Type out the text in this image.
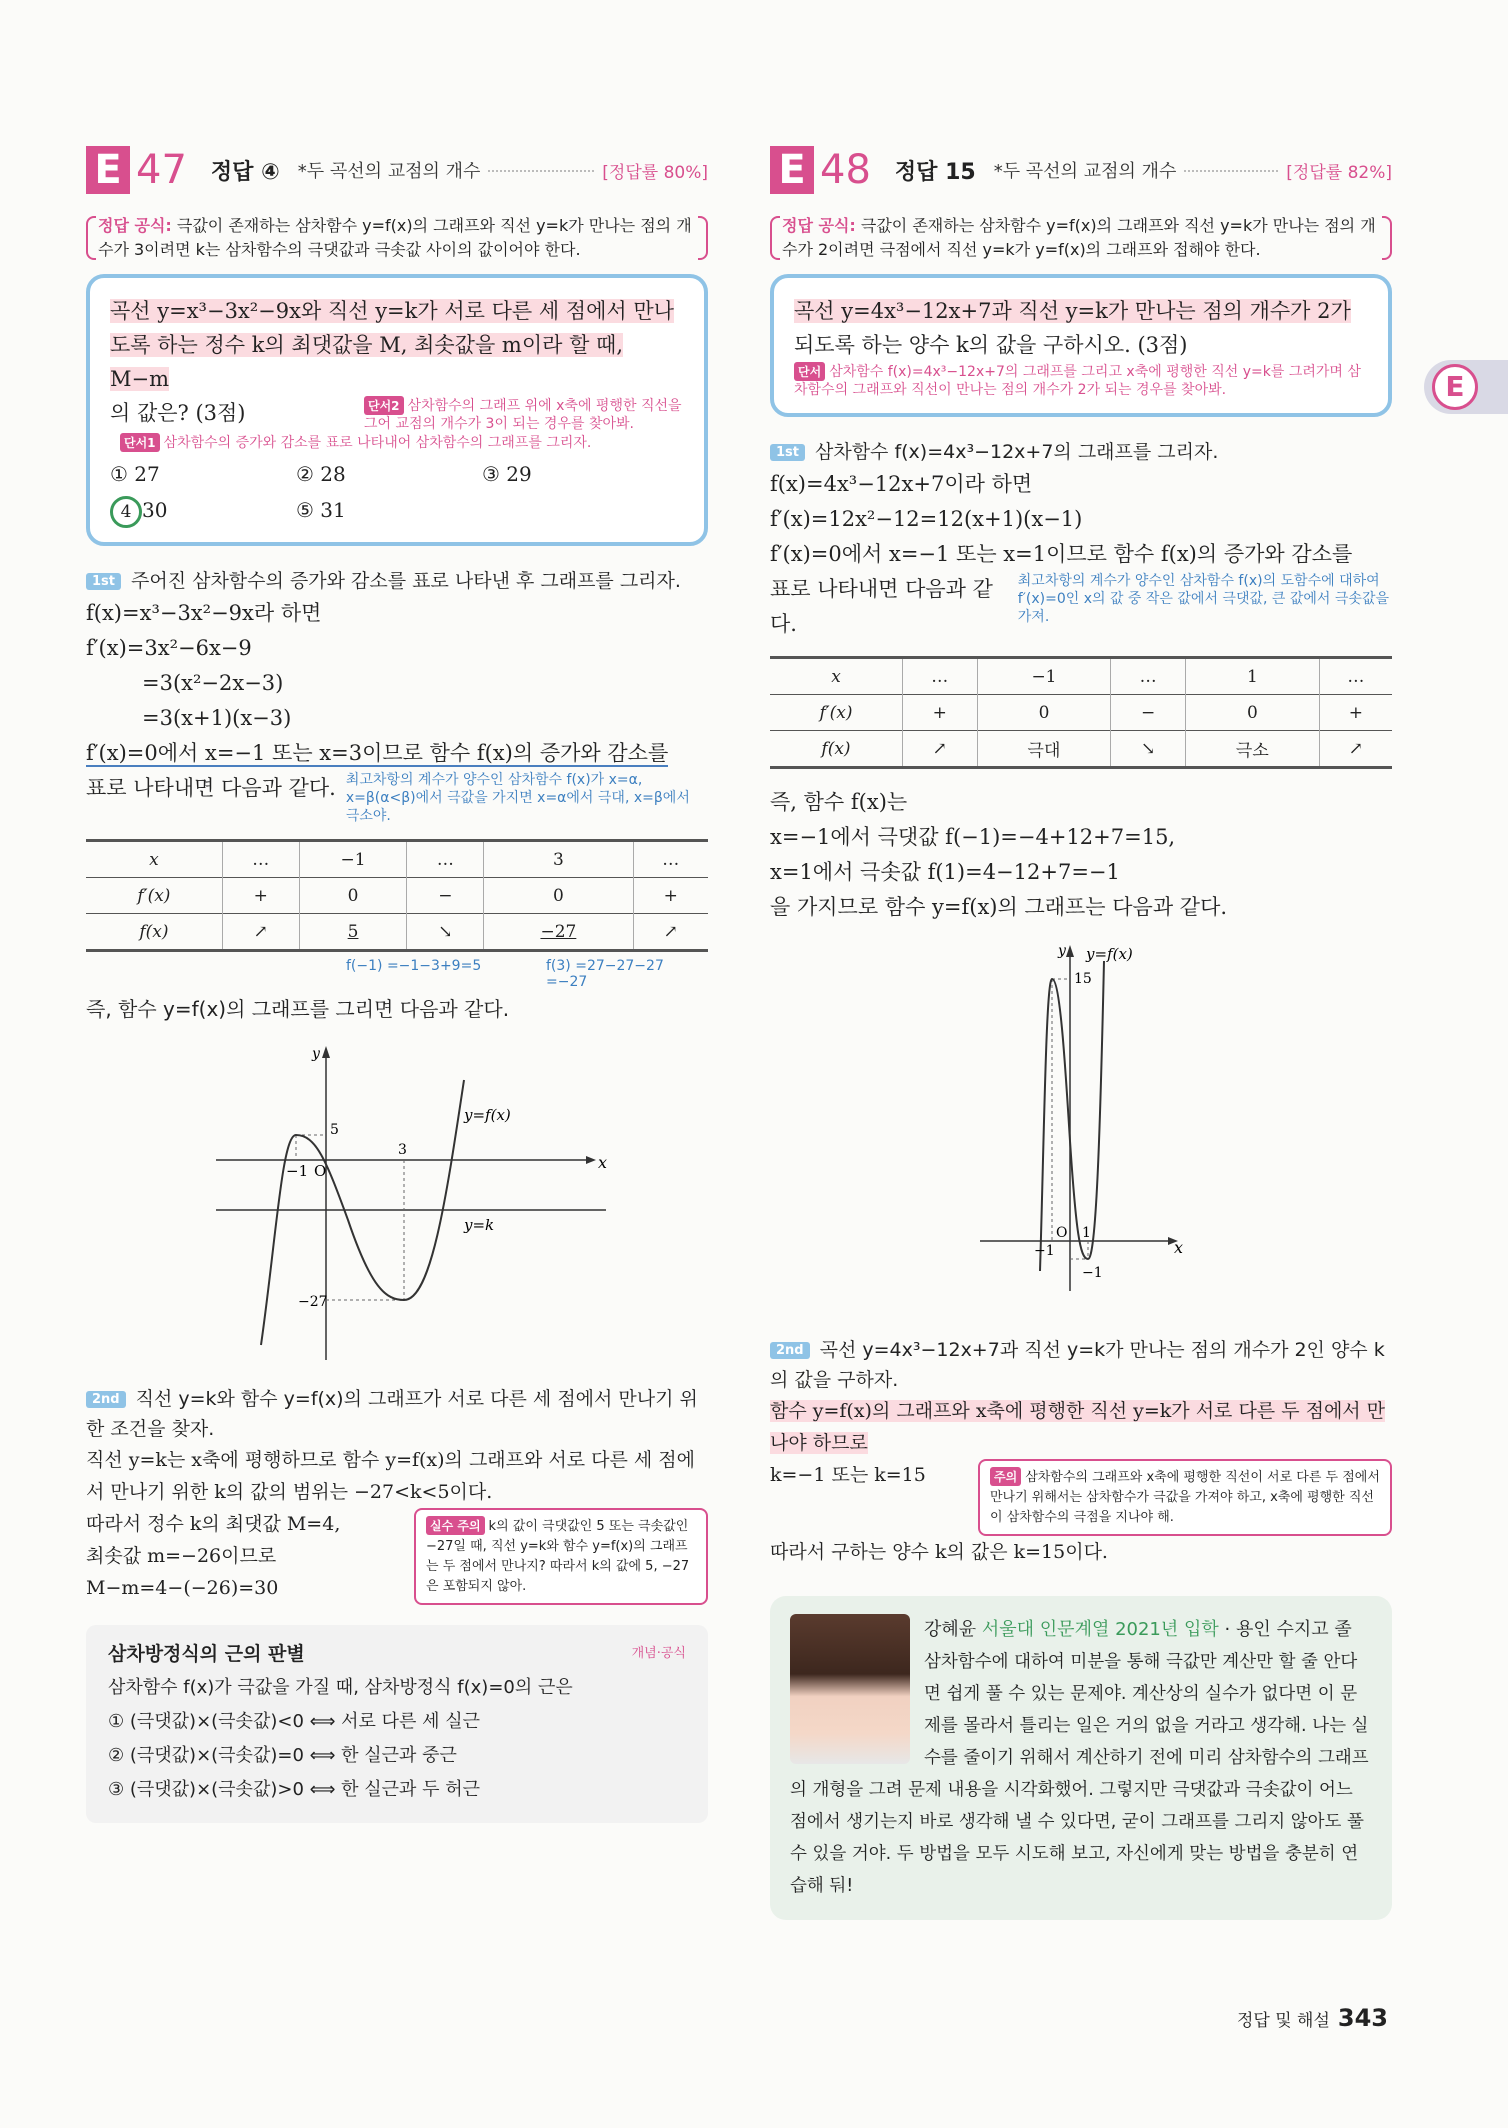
E
E 47 정답 ④ *두 곡선의 교점의 개수	[정답률 80%]
정답 공식: 극값이 존재하는 삼차함수 y=f(x)의 그래프와 직선 y=k가 만나는 점의 개수가 3이려면 k는 삼차함수의 극댓값과 극솟값 사이의 값이어야 한다.
곡선 y=x³−3x²−9x와 직선 y=k가 서로 다른 세 점에서 만나
도록 하는 정수 k의 최댓값을 M, 최솟값을 m이라 할 때, M−m
의 값은? (3점)	단서2 삼차함수의 그래프 위에 x축에 평행한 직선을 그어 교점의 개수가 3이 되는 경우를 찾아봐.
단서1 삼차함수의 증가와 감소를 표로 나타내어 삼차함수의 그래프를 그리자.
① 27	② 28	③ 29
4 30	⑤ 31
1st 주어진 삼차함수의 증가와 감소를 표로 나타낸 후 그래프를 그리자.
f(x)=x³−3x²−9x라 하면
f′(x)=3x²−6x−9
=3(x²−2x−3)
=3(x+1)(x−3)
f′(x)=0에서 x=−1 또는 x=3이므로 함수 f(x)의 증가와 감소를
표로 나타내면 다음과 같다. 최고차항의 계수가 양수인 삼차함수 f(x)가 x=α, x=β(α<β)에서 극값을 가지면 x=α에서 극대, x=β에서 극소야.
x	…	−1	…	3	…
f′(x)	+	0	−	0	+
f(x)	↗	5	↘	−27	↗
f(−1) =−1−3+9=5	f(3) =27−27−27 =−27
즉, 함수 y=f(x)의 그래프를 그리면 다음과 같다.
y
x
y=f(x)
y=k
O
−1
3
5
−27
2nd 직선 y=k와 함수 y=f(x)의 그래프가 서로 다른 세 점에서 만나기 위한 조건을 찾자.
직선 y=k는 x축에 평행하므로 함수 y=f(x)의 그래프와 서로 다른 세 점에서 만나기 위한 k의 값의 범위는 −27<k<5이다.
따라서 정수 k의 최댓값 M=4,
최솟값 m=−26이므로
M−m=4−(−26)=30
실수 주의 k의 값이 극댓값인 5 또는 극솟값인 −27일 때, 직선 y=k와 함수 y=f(x)의 그래프는 두 점에서 만나지? 따라서 k의 값에 5, −27은 포함되지 않아.
삼차방정식의 근의 판별	개념·공식
삼차함수 f(x)가 극값을 가질 때, 삼차방정식 f(x)=0의 근은
① (극댓값)×(극솟값)<0 ⟺ 서로 다른 세 실근
② (극댓값)×(극솟값)=0 ⟺ 한 실근과 중근
③ (극댓값)×(극솟값)>0 ⟺ 한 실근과 두 허근
E 48 정답 15 *두 곡선의 교점의 개수	[정답률 82%]
정답 공식: 극값이 존재하는 삼차함수 y=f(x)의 그래프와 직선 y=k가 만나는 점의 개수가 2이려면 극점에서 직선 y=k가 y=f(x)의 그래프와 접해야 한다.
곡선 y=4x³−12x+7과 직선 y=k가 만나는 점의 개수가 2가
되도록 하는 양수 k의 값을 구하시오. (3점)
단서 삼차함수 f(x)=4x³−12x+7의 그래프를 그리고 x축에 평행한 직선 y=k를 그려가며 삼차함수의 그래프와 직선이 만나는 점의 개수가 2가 되는 경우를 찾아봐.
1st 삼차함수 f(x)=4x³−12x+7의 그래프를 그리자.
f(x)=4x³−12x+7이라 하면
f′(x)=12x²−12=12(x+1)(x−1)
f′(x)=0에서 x=−1 또는 x=1이므로 함수 f(x)의 증가와 감소를
표로 나타내면 다음과 같다.
최고차항의 계수가 양수인 삼차함수 f(x)의 도함수에 대하여 f′(x)=0인 x의 값 중 작은 값에서 극댓값, 큰 값에서 극솟값을 가져.
x	…	−1	…	1	…
f′(x)	+	0	−	0	+
f(x)	↗	극대	↘	극소	↗
즉, 함수 f(x)는
x=−1에서 극댓값 f(−1)=−4+12+7=15,
x=1에서 극솟값 f(1)=4−12+7=−1
을 가지므로 함수 y=f(x)의 그래프는 다음과 같다.
y
x
y=f(x)
15
O
−1
1
−1
2nd 곡선 y=4x³−12x+7과 직선 y=k가 만나는 점의 개수가 2인 양수 k의 값을 구하자.
함수 y=f(x)의 그래프와 x축에 평행한 직선 y=k가 서로 다른 두 점에서 만나야 하므로
k=−1 또는 k=15	주의 삼차함수의 그래프와 x축에 평행한 직선이 서로 다른 두 점에서 만나기 위해서는 삼차함수가 극값을 가져야 하고, x축에 평행한 직선이 삼차함수의 극점을 지나야 해.
따라서 구하는 양수 k의 값은 k=15이다.
강혜윤 서울대 인문계열 2021년 입학 · 용인 수지고 졸
삼차함수에 대하여 미분을 통해 극값만 계산만 할 줄 안다면 쉽게 풀 수 있는 문제야. 계산상의 실수가 없다면 이 문제를 몰라서 틀리는 일은 거의 없을 거라고 생각해. 나는 실수를 줄이기 위해서 계산하기 전에 미리 삼차함수의 그래프의 개형을 그려 문제 내용을 시각화했어. 그렇지만 극댓값과 극솟값이 어느 점에서 생기는지 바로 생각해 낼 수 있다면, 굳이 그래프를 그리지 않아도 풀 수 있을 거야. 두 방법을 모두 시도해 보고, 자신에게 맞는 방법을 충분히 연습해 둬!
정답 및 해설 343
